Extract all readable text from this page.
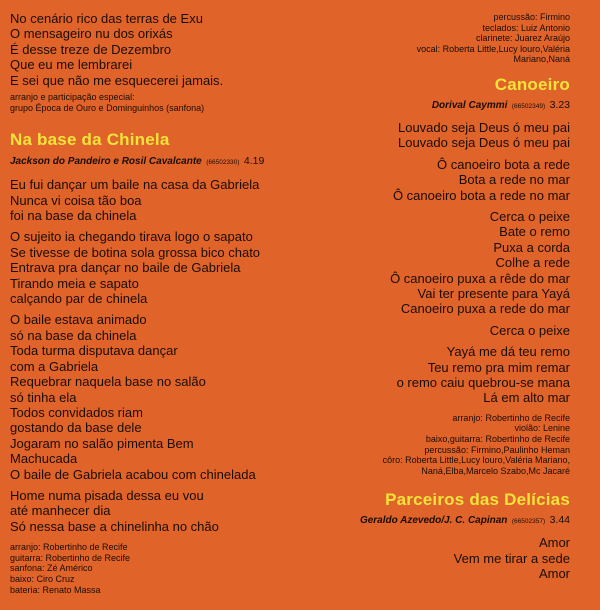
No cenário rico das terras de Exu
O mensageiro nu dos orixás
É desse treze de Dezembro
Que eu me lembrarei
E sei que não me esquecerei jamais.
arranjo e participação especial:
grupo Época de Ouro e Dominguinhos (sanfona)
Na base da Chinela
Jackson do Pandeiro e Rosil Cavalcante (66502330) 4.19
Eu fui dançar um baile na casa da Gabriela
Nunca vi coisa tão boa
foi na base da chinela
O sujeito ia chegando tirava logo o sapato
Se tivesse de botina sola grossa bico chato
Entrava pra dançar no baile de Gabriela
Tirando meia e sapato
calçando par de chinela
O baile estava animado
só na base da chinela
Toda turma disputava dançar
com a Gabriela
Requebrar naquela base no salão
só tinha ela
Todos convidados riam
gostando da base dele
Jogaram no salão pimenta Bem
Machucada
O baile de Gabriela acabou com chinelada
Home numa pisada dessa eu vou
até manhecer dia
Só nessa base a chinelinha no chão
arranjo: Robertinho de Recife
guitarra: Robertinho de Recife
sanfona: Zé Américo
baixo: Ciro Cruz
bateria: Renato Massa
percussão: Firmino
teclados: Luiz Antonio
clarinete: Juarez Araújo
vocal: Roberta Little,Lucy louro,Valéria
Mariano,Naná
Canoeiro
Dorival Caymmi (66502349) 3.23
Louvado seja Deus ó meu pai
Louvado seja Deus ó meu pai
Ô canoeiro bota a rede
Bota a rede no mar
Ô canoeiro bota a rede no mar
Cerca o peixe
Bate o remo
Puxa a corda
Colhe a rede
Ô canoeiro puxa a rêde do mar
Vai ter presente para Yayá
Canoeiro puxa a rede do mar
Cerca o peixe
Yayá me dá teu remo
Teu remo pra mim remar
o remo caiu quebrou-se mana
Lá em alto mar
arranjo: Robertinho de Recife
violão: Lenine
baixo,guitarra: Robertinho de Recife
percussão: Firmino,Paulinho Heman
côro: Roberta Little,Lucy louro,Valéria Mariano,
Naná,Elba,Marcelo Szabo,Mc Jacaré
Parceiros das Delícias
Geraldo Azevedo/J. C. Capinan (66502357) 3.44
Amor
Vem me tirar a sede
Amor
